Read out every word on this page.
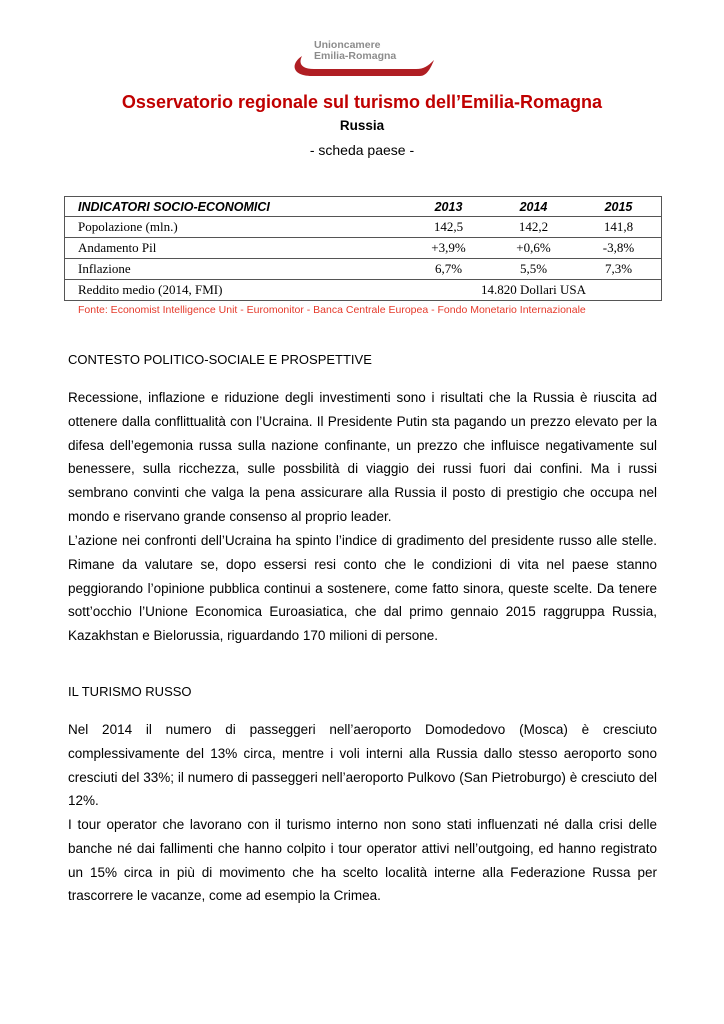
Unioncamere
Emilia-Romagna
Osservatorio regionale sul turismo dell’Emilia-Romagna
Russia
- scheda paese -
INDICATORI SOCIO-ECONOMICI	2013	2014	2015
Popolazione (mln.)	142,5	142,2	141,8
Andamento Pil	+3,9%	+0,6%	-3,8%
Inflazione	6,7%	5,5%	7,3%
Reddito medio (2014, FMI)	14.820 Dollari USA		
Fonte: Economist Intelligence Unit - Euromonitor - Banca Centrale Europea - Fondo Monetario Internazionale
CONTESTO POLITICO-SOCIALE E PROSPETTIVE

Recessione, inflazione e riduzione degli investimenti sono i risultati che la Russia è riuscita ad ottenere dalla conflittualità con l’Ucraina. Il Presidente Putin sta pagando un prezzo elevato per la difesa dell’egemonia russa sulla nazione confinante, un prezzo che influisce negativamente sul benessere, sulla ricchezza, sulle possbilità di viaggio dei russi fuori dai confini. Ma i russi sembrano convinti che valga la pena assicurare alla Russia il posto di prestigio che occupa nel mondo e riservano grande consenso al proprio leader.

L’azione nei confronti dell’Ucraina ha spinto l’indice di gradimento del presidente russo alle stelle. Rimane da valutare se, dopo essersi resi conto che le condizioni di vita nel paese stanno peggiorando l’opinione pubblica continui a sostenere, come fatto sinora, queste scelte. Da tenere sott’occhio l’Unione Economica Euroasiatica, che dal primo gennaio 2015 raggruppa Russia, Kazakhstan e Bielorussia, riguardando 170 milioni di persone.

IL TURISMO RUSSO

Nel 2014 il numero di passeggeri nell’aeroporto Domodedovo (Mosca) è cresciuto complessivamente del 13% circa, mentre i voli interni alla Russia dallo stesso aeroporto sono cresciuti del 33%; il numero di passeggeri nell’aeroporto Pulkovo (San Pietroburgo) è cresciuto del 12%.

I tour operator che lavorano con il turismo interno non sono stati influenzati né dalla crisi delle banche né dai fallimenti che hanno colpito i tour operator attivi nell’outgoing, ed hanno registrato un 15% circa in più di movimento che ha scelto località interne alla Federazione Russa per trascorrere le vacanze, come ad esempio la Crimea.
